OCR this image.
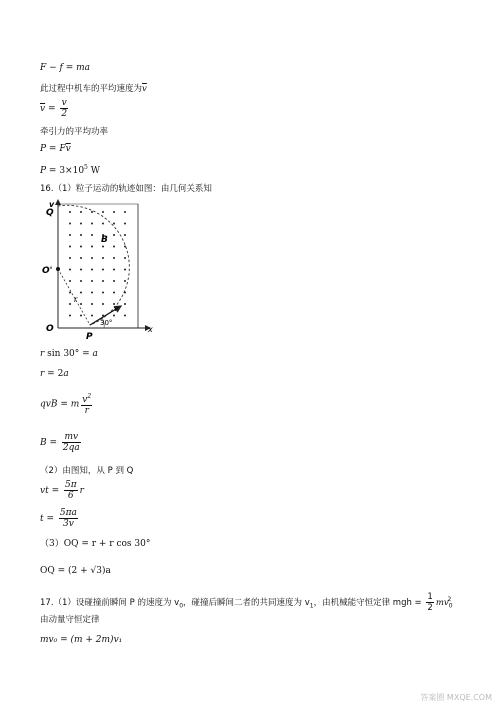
F − f = ma
此过程中机车的平均速度为$\overline{v}$
$\overline{v} = \frac{v}{2}$
牵引力的平均功率
$P = F\overline{v}$
$P = 3\times 10^5$ W
16.（1）粒子运动的轨迹如图：由几何关系知
v
Q
B
O'
r
O
P
x
30°
v
r sin 30° = a
r = 2a
qvB = m $\frac{v^2}{r}$
$B = \frac{mv}{2qa}$
（2）由图知，从 P 到 Q
vt = $\frac{5\pi}{6}$ r
$t = \frac{5\pi a}{3v}$
（3）OQ = r + r cos 30°
OQ = (2 + √3)a
17.（1）设碰撞前瞬间 P 的速度为 $v_0$，碰撞后瞬间二者的共同速度为 $v_1$，由机械能守恒定律 mgh = $\frac{1}{2} mv_0^2$
由动量守恒定律
mv₀ = (m + 2m)v₁
答案圈 MXQE.COM
